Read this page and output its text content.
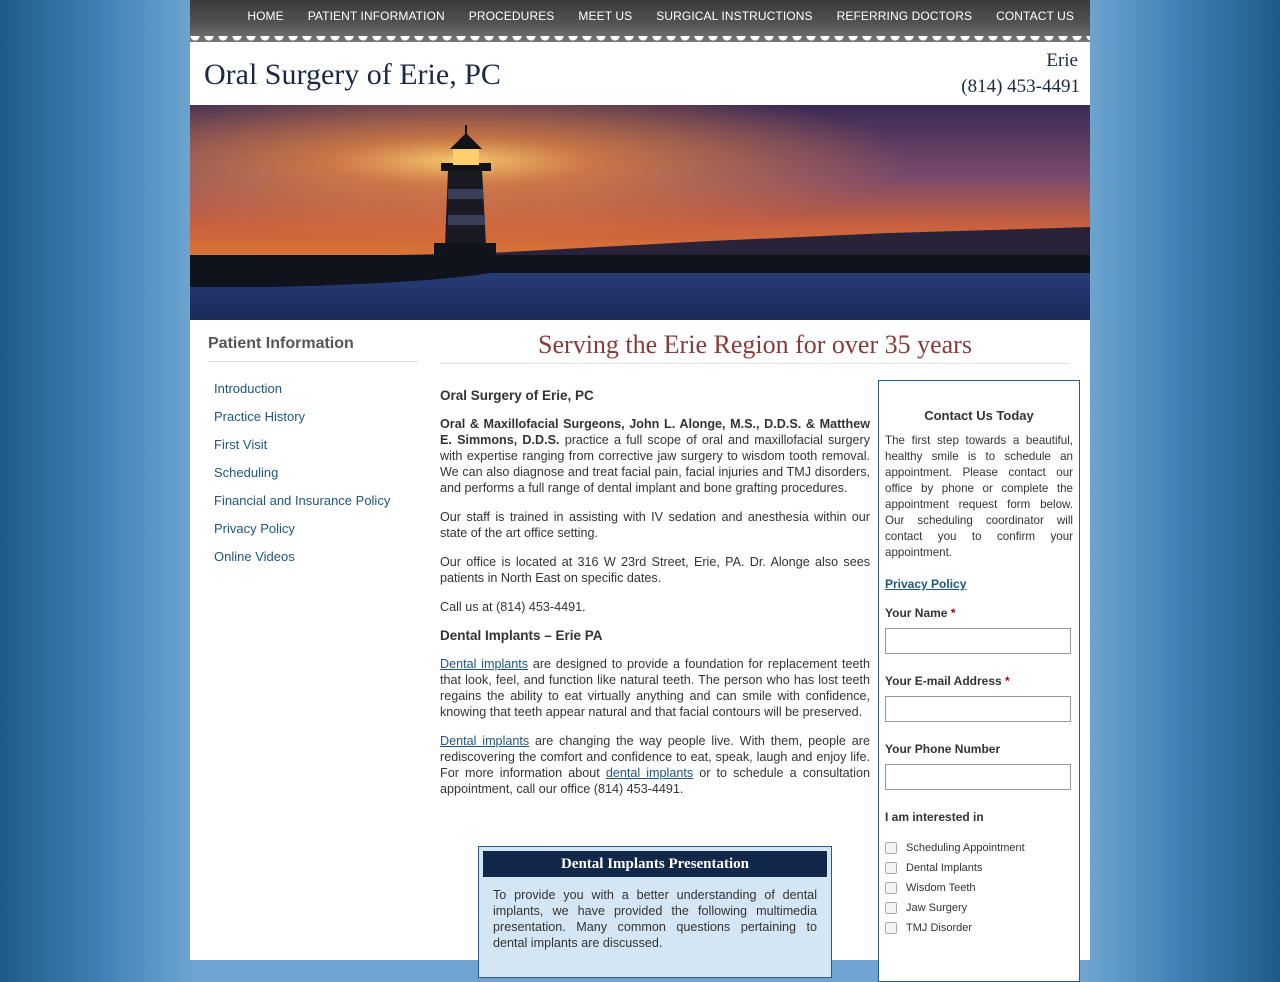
HOME PATIENT INFORMATION PROCEDURES MEET US SURGICAL INSTRUCTIONS REFERRING DOCTORS CONTACT US
Oral Surgery of Erie, PC	Erie
(814) 453-4491
Patient Information
Introduction
Practice History
First Visit
Scheduling
Financial and Insurance Policy
Privacy Policy
Online Videos
Serving the Erie Region for over 35 years
Oral Surgery of Erie, PC

Oral & Maxillofacial Surgeons, John L. Alonge, M.S., D.D.S. & Matthew E. Simmons, D.D.S. practice a full scope of oral and maxillofacial surgery with expertise ranging from corrective jaw surgery to wisdom tooth removal. We can also diagnose and treat facial pain, facial injuries and TMJ disorders, and performs a full range of dental implant and bone grafting procedures.

Our staff is trained in assisting with IV sedation and anesthesia within our state of the art office setting.

Our office is located at 316 W 23rd Street, Erie, PA. Dr. Alonge also sees patients in North East on specific dates.

Call us at (814) 453-4491.

Dental Implants – Erie PA

Dental implants are designed to provide a foundation for replacement teeth that look, feel, and function like natural teeth. The person who has lost teeth regains the ability to eat virtually anything and can smile with confidence, knowing that teeth appear natural and that facial contours will be preserved.

Dental implants are changing the way people live. With them, people are rediscovering the comfort and confidence to eat, speak, laugh and enjoy life. For more information about dental implants or to schedule a consultation appointment, call our office (814) 453-4491.

Dental Implants Presentation

To provide you with a better understanding of dental implants, we have provided the following multimedia presentation. Many common questions pertaining to dental implants are discussed.

Contact Us Today
The first step towards a beautiful, healthy smile is to schedule an appointment. Please contact our office by phone or complete the appointment request form below. Our scheduling coordinator will contact you to confirm your appointment.
Privacy Policy
Your Name *
Your E-mail Address *
Your Phone Number
I am interested in
Scheduling Appointment
Dental Implants
Wisdom Teeth
Jaw Surgery
TMJ Disorder
